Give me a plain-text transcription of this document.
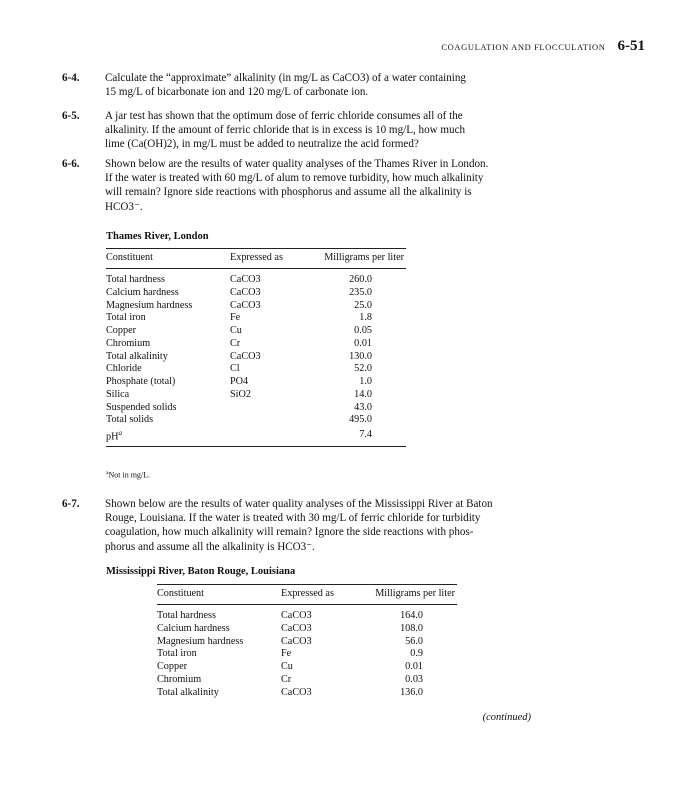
COAGULATION AND FLOCCULATION 6-51
6-4. Calculate the “approximate” alkalinity (in mg/L as CaCO3) of a water containing
15 mg/L of bicarbonate ion and 120 mg/L of carbonate ion.
6-5. A jar test has shown that the optimum dose of ferric chloride consumes all of the
alkalinity. If the amount of ferric chloride that is in excess is 10 mg/L, how much
lime (Ca(OH)2), in mg/L must be added to neutralize the acid formed?
6-6. Shown below are the results of water quality analyses of the Thames River in London.
If the water is treated with 60 mg/L of alum to remove turbidity, how much alkalinity
will remain? Ignore side reactions with phosphorus and assume all the alkalinity is
HCO3⁻.
Thames River, London
Constituent	Expressed as	Milligrams per liter
Total hardness	CaCO3	260.0
Calcium hardness	CaCO3	235.0
Magnesium hardness	CaCO3	25.0
Total iron	Fe	1.8
Copper	Cu	0.05
Chromium	Cr	0.01
Total alkalinity	CaCO3	130.0
Chloride	Cl	52.0
Phosphate (total)	PO4	1.0
Silica	SiO2	14.0
Suspended solids		43.0
Total solids		495.0
$pH^a$		7.4
$^a$Not in mg/L.
6-7. Shown below are the results of water quality analyses of the Mississippi River at Baton
Rouge, Louisiana. If the water is treated with 30 mg/L of ferric chloride for turbidity
coagulation, how much alkalinity will remain? Ignore the side reactions with phos-
phorus and assume all the alkalinity is HCO3⁻.
Mississippi River, Baton Rouge, Louisiana
Constituent	Expressed as	Milligrams per liter
Total hardness	CaCO3	164.0
Calcium hardness	CaCO3	108.0
Magnesium hardness	CaCO3	56.0
Total iron	Fe	0.9
Copper	Cu	0.01
Chromium	Cr	0.03
Total alkalinity	CaCO3	136.0
(continued)
